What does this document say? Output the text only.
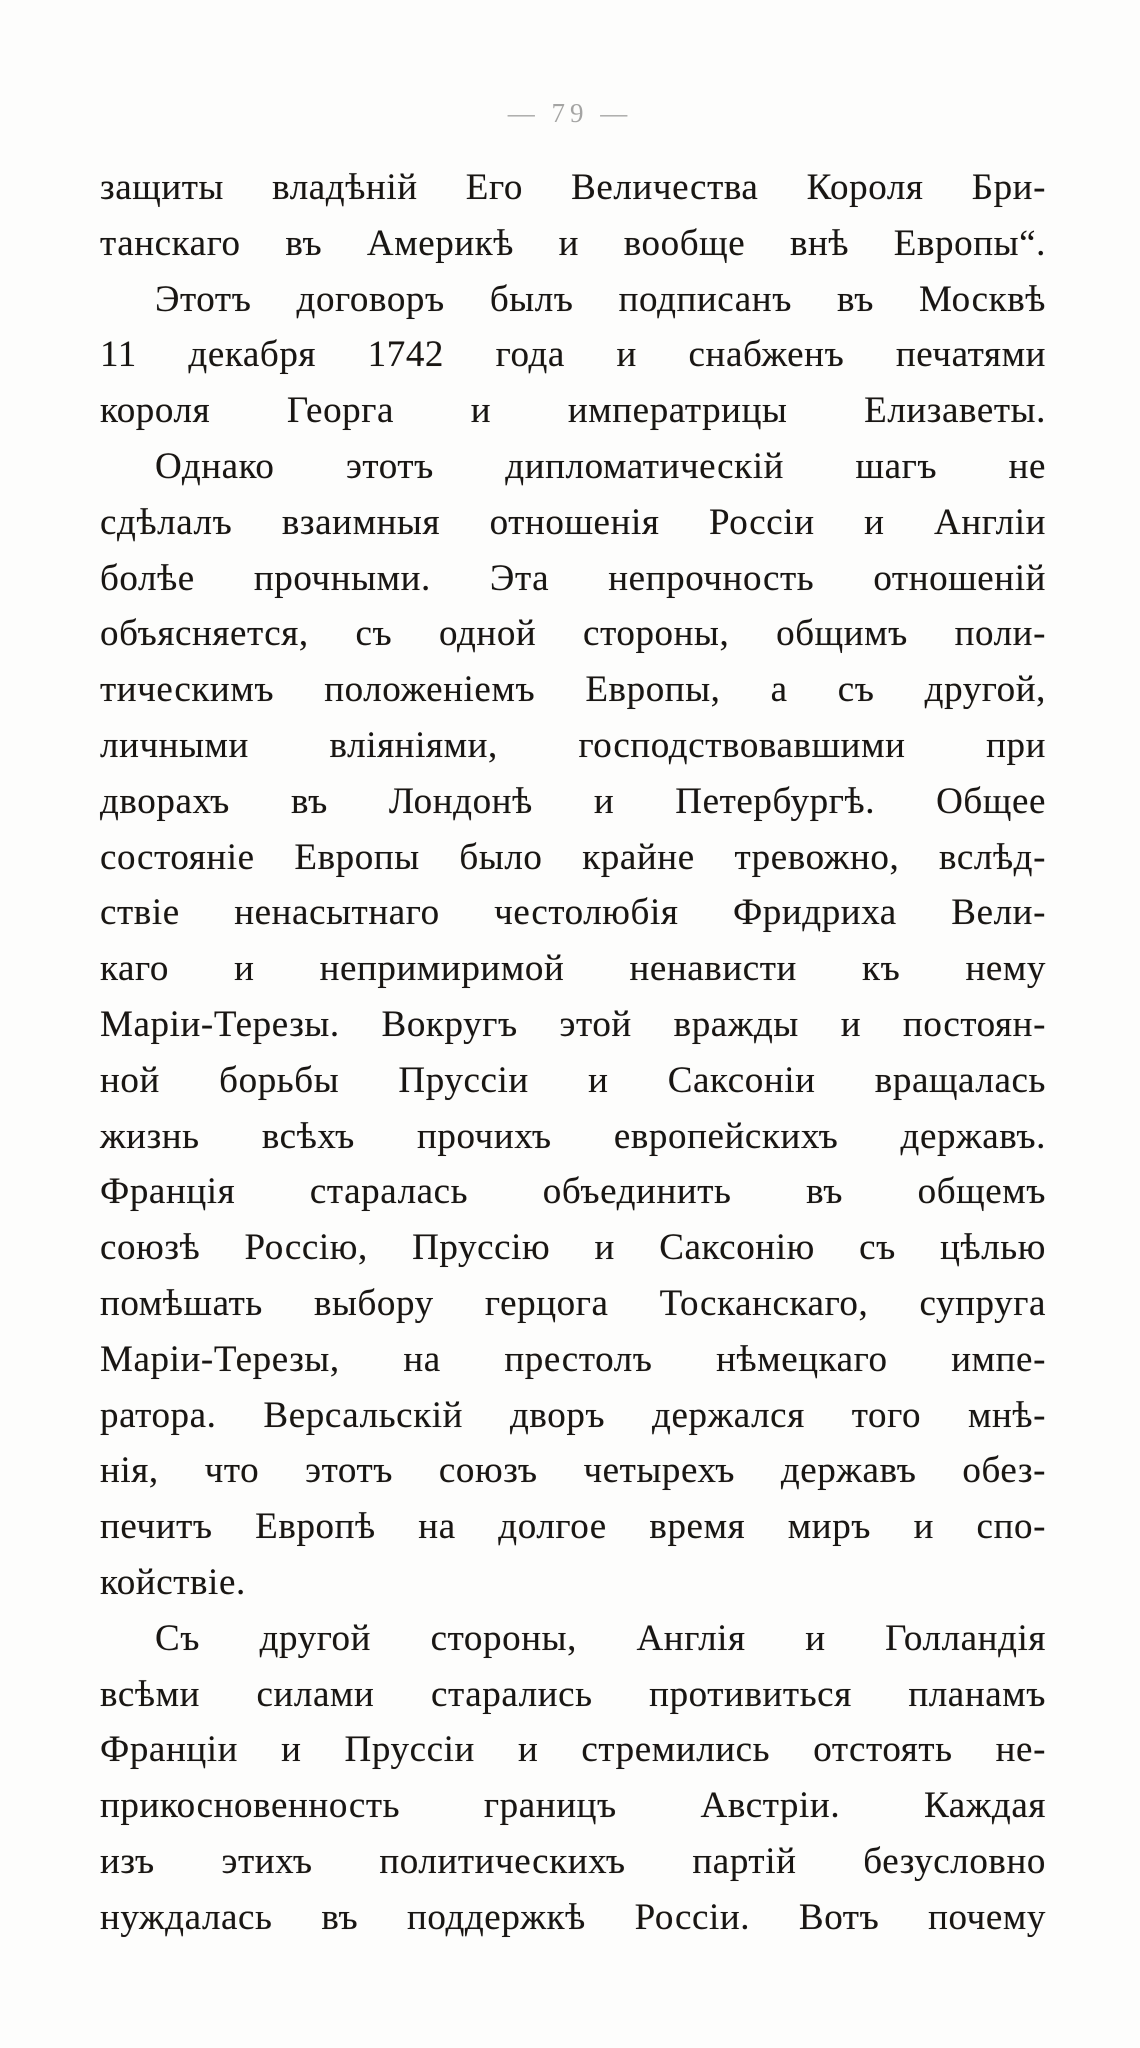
— 79 —
защиты владѣній Его Величества Короля Бри-
танскаго въ Америкѣ и вообще внѣ Европы“.
Этотъ договоръ былъ подписанъ въ Москвѣ
11 декабря 1742 года и снабженъ печатями
короля Георга и императрицы Елизаветы.
Однако этотъ дипломатическій шагъ не
сдѣлалъ взаимныя отношенія Россіи и Англіи
болѣе прочными. Эта непрочность отношеній
объясняется, съ одной стороны, общимъ поли-
тическимъ положеніемъ Европы, а съ другой,
личными вліяніями, господствовавшими при
дворахъ въ Лондонѣ и Петербургѣ. Общее
состояніе Европы было крайне тревожно, вслѣд-
ствіе ненасытнаго честолюбія Фридриха Вели-
каго и непримиримой ненависти къ нему
Маріи-Терезы. Вокругъ этой вражды и постоян-
ной борьбы Пруссіи и Саксоніи вращалась
жизнь всѣхъ прочихъ европейскихъ державъ.
Франція старалась объединить въ общемъ
союзѣ Россію, Пруссію и Саксонію съ цѣлью
помѣшать выбору герцога Тосканскаго, супруга
Маріи-Терезы, на престолъ нѣмецкаго импе-
ратора. Версальскій дворъ держался того мнѣ-
нія, что этотъ союзъ четырехъ державъ обез-
печитъ Европѣ на долгое время миръ и спо-
койствіе.
Съ другой стороны, Англія и Голландія
всѣми силами старались противиться планамъ
Франціи и Пруссіи и стремились отстоять не-
прикосновенность границъ Австріи. Каждая
изъ этихъ политическихъ партій безусловно
нуждалась въ поддержкѣ Россіи. Вотъ почему
